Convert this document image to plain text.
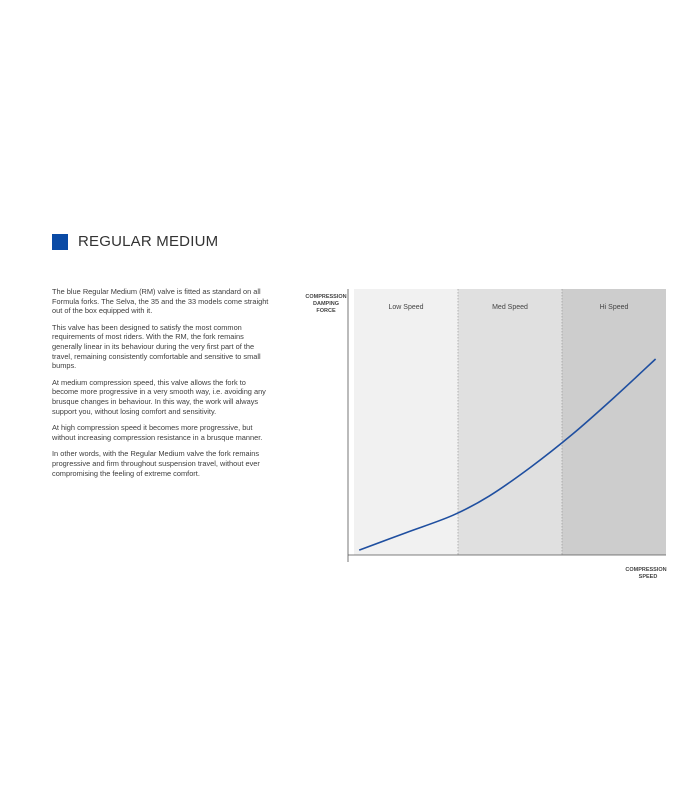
REGULAR MEDIUM

The blue Regular Medium (RM) valve is fitted as standard on all Formula forks. The Selva, the 35 and the 33 models come straight out of the box equipped with it.

This valve has been designed to satisfy the most common requirements of most riders. With the RM, the fork remains generally linear in its behaviour during the very first part of the travel, remaining consistently comfortable and sensitive to small bumps.

At medium compression speed, this valve allows the fork to become more progressive in a very smooth way, i.e. avoiding any brusque changes in behaviour. In this way, the work will always support you, without losing comfort and sensitivity.

At high compression speed it becomes more progressive, but without increasing compression resistance in a brusque manner.

In other words, with the Regular Medium valve the fork remains progressive and firm throughout suspension travel, without ever compromising the feeling of extreme comfort.

Low Speed	Med Speed	Hi Speed
COMPRESSION
DAMPING
FORCE
COMPRESSION
SPEED
